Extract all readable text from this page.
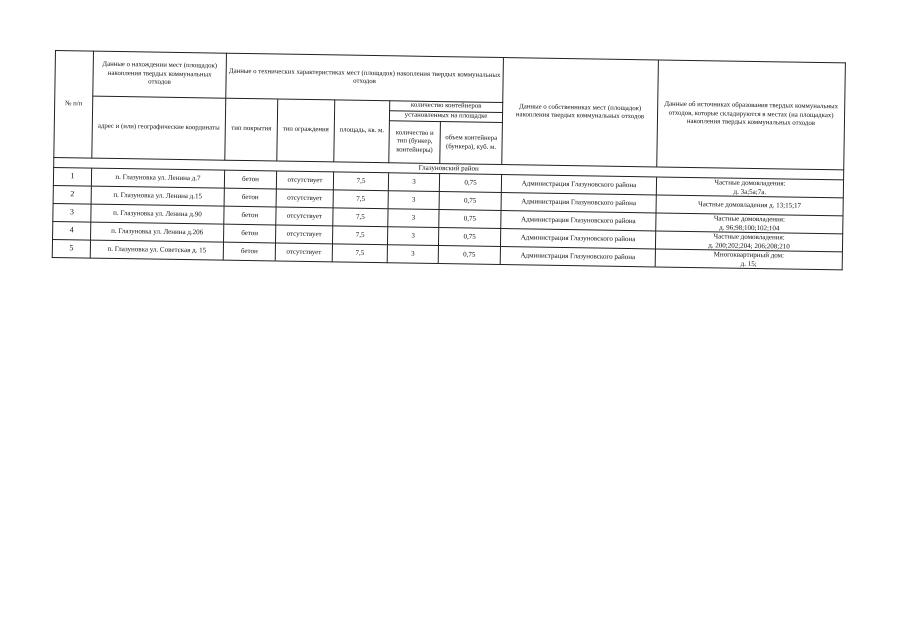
№ п/п	Данные о нахождении мест (площадок) накопления твердых коммунальных отходов	Данные о технических характеристиках мест (площадок) накопления твердых коммунальных отходов					Данные о собственниках мест (площадок) накопления твердых коммунальных отходов	Данные об источниках образования твердых коммунальных отходов, которые складируются в местах (на площадках) накопления твердых коммунальных отходов
	адрес и (или) географические координаты	тип покрытия	тип ограждения	площадь, кв. м.	количество контейнеров			
					установленных на площадке			
					количество и тип (бункер, контейнеры)	объем контейнера (бункера), куб. м.		
Глазуновский район								
1	п. Глазуновка ул. Ленина д.7	бетон	отсутствует	7,5	3	0,75	Администрация Глазуновского района	Частные домовладения:
д. 3а;5а;7а.

2	п. Глазуновка ул. Ленина д.15	бетон	отсутствует	7,5	3	0,75	Администрация Глазуновского района	Частные домовладения д. 13;15;17

3	п. Глазуновка ул. Ленина д.90	бетон	отсутствует	7,5	3	0,75	Администрация Глазуновского района	Частные домовладения:
д. 96;98;100;102;104

4	п. Глазуновка ул. Ленина д.206	бетон	отсутствует	7,5	3	0,75	Администрация Глазуновского района	Частные домовладения:
д. 200;202;204; 206;208;210

5	п. Глазуновка ул. Советская д. 15	бетон	отсутствует	7,5	3	0,75	Администрация Глазуновского района	Многоквартирный дом:
д. 15;
